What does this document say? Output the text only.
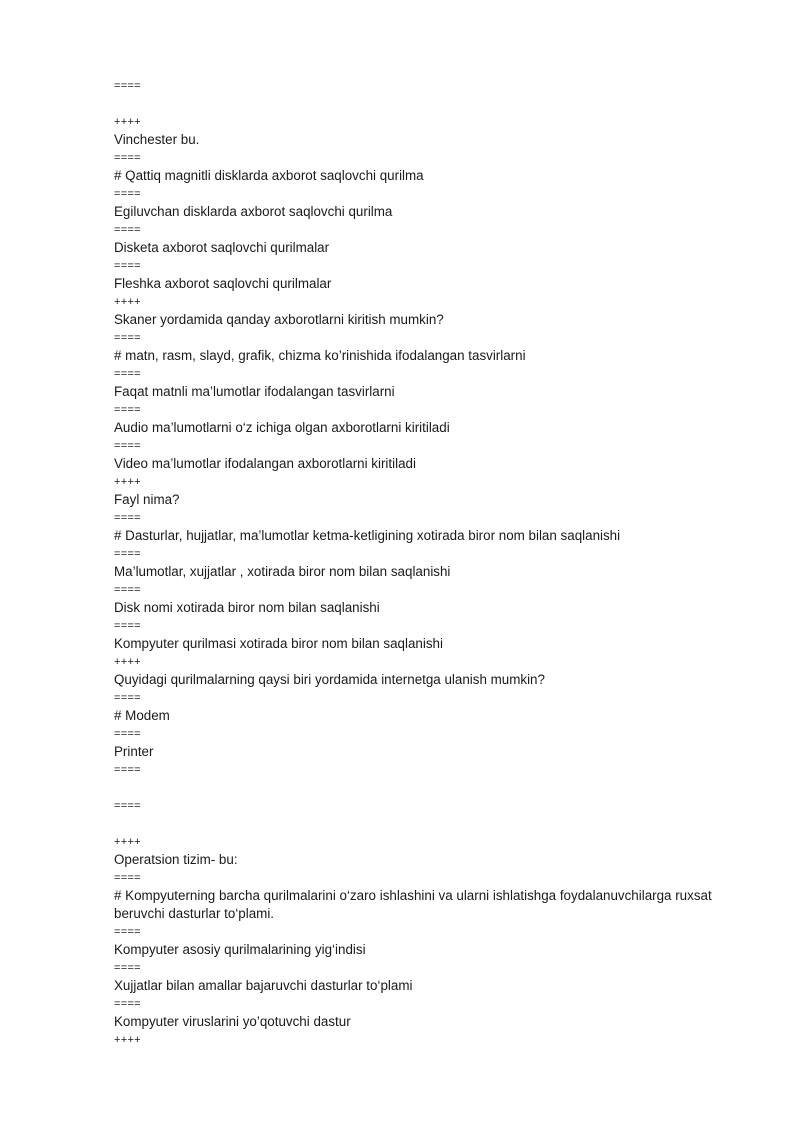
====
++++
Vinchester bu.
====
# Qattiq magnitli disklarda axborot saqlovchi qurilma
====
Egiluvchan disklarda axborot saqlovchi qurilma
====
Disketa axborot saqlovchi qurilmalar
====
Fleshka axborot saqlovchi qurilmalar
++++
Skaner yordamida qanday axborotlarni kiritish mumkin?
====
# matn, rasm, slayd, grafik, chizma ko’rinishida ifodalangan tasvirlarni
====
Faqat matnli ma’lumotlar ifodalangan tasvirlarni
====
Audio ma’lumotlarni o‘z ichiga olgan axborotlarni kiritiladi
====
Video ma’lumotlar ifodalangan axborotlarni kiritiladi
++++
Fayl nima?
====
# Dasturlar, hujjatlar, ma’lumotlar ketma-ketligining xotirada biror nom bilan saqlanishi
====
Ma’lumotlar, xujjatlar , xotirada biror nom bilan saqlanishi
====
Disk nomi xotirada biror nom bilan saqlanishi
====
Kompyuter qurilmasi xotirada biror nom bilan saqlanishi
++++
Quyidagi qurilmalarning qaysi biri yordamida internetga ulanish mumkin?
====
# Modem
====
Printer
====
====
++++
Operatsion tizim- bu:
====
# Kompyuterning barcha qurilmalarini o‘zaro ishlashini va ularni ishlatishga foydalanuvchilarga ruxsat beruvchi dasturlar to‘plami.
====
Kompyuter asosiy qurilmalarining yig‘indisi
====
Xujjatlar bilan amallar bajaruvchi dasturlar to‘plami
====
Kompyuter viruslarini yo’qotuvchi dastur
++++
